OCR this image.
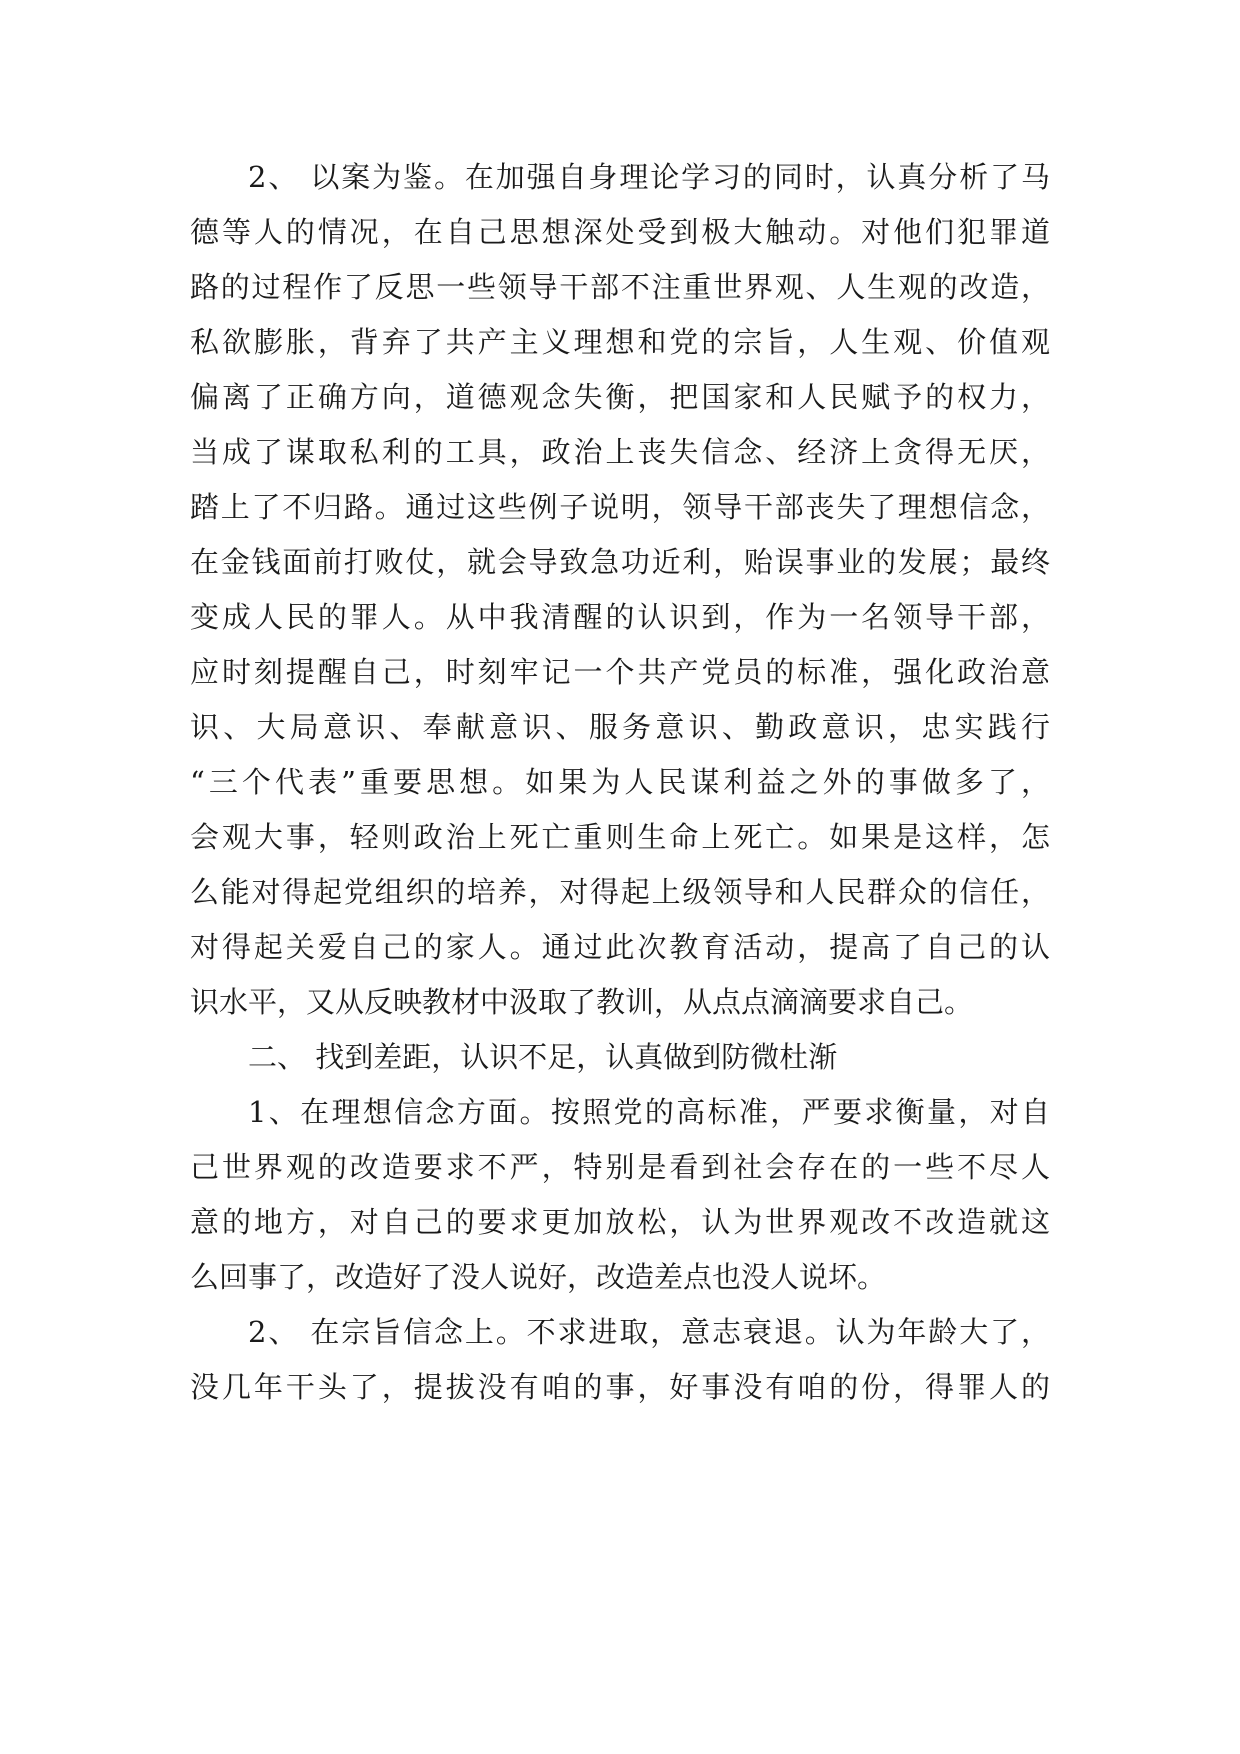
2、 以案为鉴。在加强自身理论学习的同时，认真分析了马
德等人的情况，在自己思想深处受到极大触动。对他们犯罪道
路的过程作了反思一些领导干部不注重世界观、人生观的改造，
私欲膨胀，背弃了共产主义理想和党的宗旨，人生观、价值观
偏离了正确方向，道德观念失衡，把国家和人民赋予的权力，
当成了谋取私利的工具，政治上丧失信念、经济上贪得无厌，
踏上了不归路。通过这些例子说明，领导干部丧失了理想信念，
在金钱面前打败仗，就会导致急功近利，贻误事业的发展；最终
变成人民的罪人。从中我清醒的认识到，作为一名领导干部，
应时刻提醒自己，时刻牢记一个共产党员的标准，强化政治意
识、大局意识、奉献意识、服务意识、勤政意识，忠实践行
“三个代表”重要思想。如果为人民谋利益之外的事做多了，
会观大事，轻则政治上死亡重则生命上死亡。如果是这样，怎
么能对得起党组织的培养，对得起上级领导和人民群众的信任，
对得起关爱自己的家人。通过此次教育活动，提高了自己的认
识水平，又从反映教材中汲取了教训，从点点滴滴要求自己。
二、 找到差距，认识不足，认真做到防微杜渐
1、在理想信念方面。按照党的高标准，严要求衡量，对自
己世界观的改造要求不严，特别是看到社会存在的一些不尽人
意的地方，对自己的要求更加放松，认为世界观改不改造就这
么回事了，改造好了没人说好，改造差点也没人说坏。
2、 在宗旨信念上。不求进取，意志衰退。认为年龄大了，
没几年干头了，提拔没有咱的事，好事没有咱的份，得罪人的
